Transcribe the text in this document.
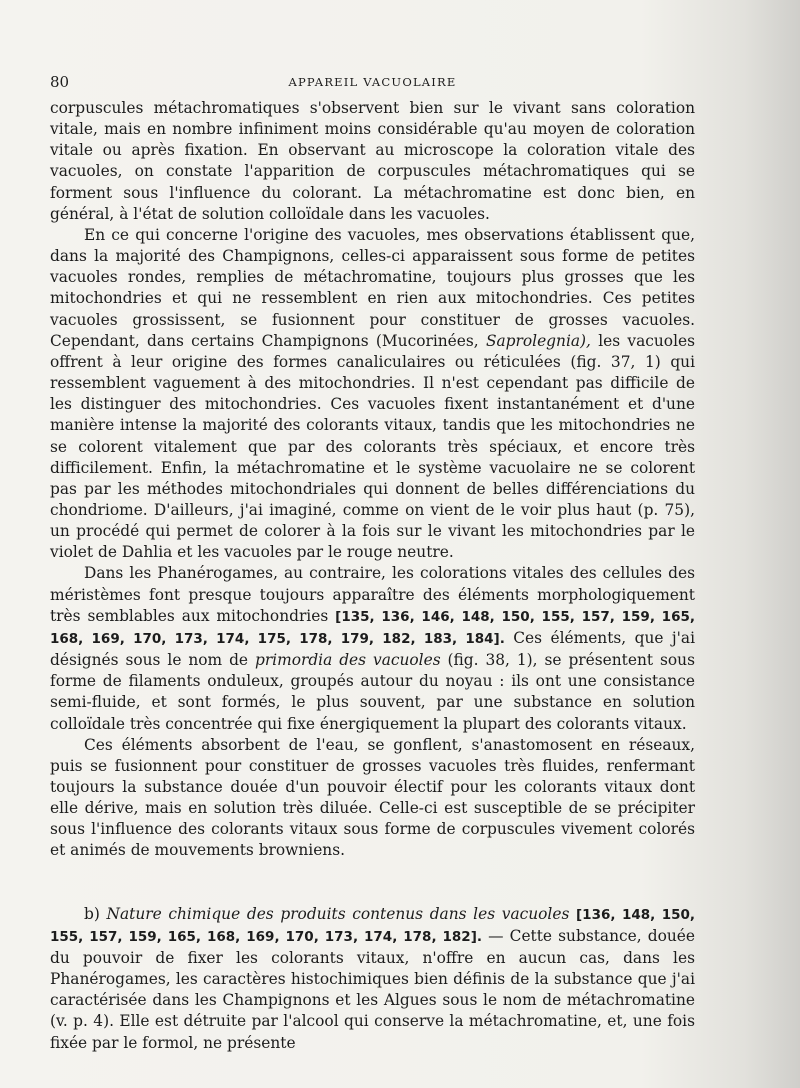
80	APPAREIL VACUOLAIRE

corpuscules métachromatiques s'observent bien sur le vivant sans coloration vitale, mais en nombre infiniment moins considérable qu'au moyen de coloration vitale ou après fixation. En observant au microscope la coloration vitale des vacuoles, on constate l'apparition de corpuscules métachromatiques qui se forment sous l'influence du colorant. La métachromatine est donc bien, en général, à l'état de solution colloïdale dans les vacuoles.

En ce qui concerne l'origine des vacuoles, mes observations établissent que, dans la majorité des Champignons, celles-ci apparaissent sous forme de petites vacuoles rondes, remplies de métachromatine, toujours plus grosses que les mitochondries et qui ne ressemblent en rien aux mitochondries. Ces petites vacuoles grossissent, se fusionnent pour constituer de grosses vacuoles. Cependant, dans certains Champignons (Mucorinées, Saprolegnia), les vacuoles offrent à leur origine des formes canaliculaires ou réticulées (fig. 37, 1) qui ressemblent vaguement à des mitochondries. Il n'est cependant pas difficile de les distinguer des mitochondries. Ces vacuoles fixent instantanément et d'une manière intense la majorité des colorants vitaux, tandis que les mitochondries ne se colorent vitalement que par des colorants très spéciaux, et encore très difficilement. Enfin, la métachromatine et le système vacuolaire ne se colorent pas par les méthodes mitochondriales qui donnent de belles différenciations du chondriome. D'ailleurs, j'ai imaginé, comme on vient de le voir plus haut (p. 75), un procédé qui permet de colorer à la fois sur le vivant les mitochondries par le violet de Dahlia et les vacuoles par le rouge neutre.

Dans les Phanérogames, au contraire, les colorations vitales des cellules des méristèmes font presque toujours apparaître des éléments morphologiquement très semblables aux mitochondries [135, 136, 146, 148, 150, 155, 157, 159, 165, 168, 169, 170, 173, 174, 175, 178, 179, 182, 183, 184]. Ces éléments, que j'ai désignés sous le nom de primordia des vacuoles (fig. 38, 1), se présentent sous forme de filaments onduleux, groupés autour du noyau : ils ont une consistance semi-fluide, et sont formés, le plus souvent, par une substance en solution colloïdale très concentrée qui fixe énergiquement la plupart des colorants vitaux.

Ces éléments absorbent de l'eau, se gonflent, s'anastomosent en réseaux, puis se fusionnent pour constituer de grosses vacuoles très fluides, renfermant toujours la substance douée d'un pouvoir électif pour les colorants vitaux dont elle dérive, mais en solution très diluée. Celle-ci est susceptible de se précipiter sous l'influence des colorants vitaux sous forme de corpuscules vivement colorés et animés de mouvements browniens.

b) Nature chimique des produits contenus dans les vacuoles [136, 148, 150, 155, 157, 159, 165, 168, 169, 170, 173, 174, 178, 182]. — Cette substance, douée du pouvoir de fixer les colorants vitaux, n'offre en aucun cas, dans les Phanérogames, les caractères histochimiques bien définis de la substance que j'ai caractérisée dans les Champignons et les Algues sous le nom de métachromatine (v. p. 4). Elle est détruite par l'alcool qui conserve la métachromatine, et, une fois fixée par le formol, ne présente
